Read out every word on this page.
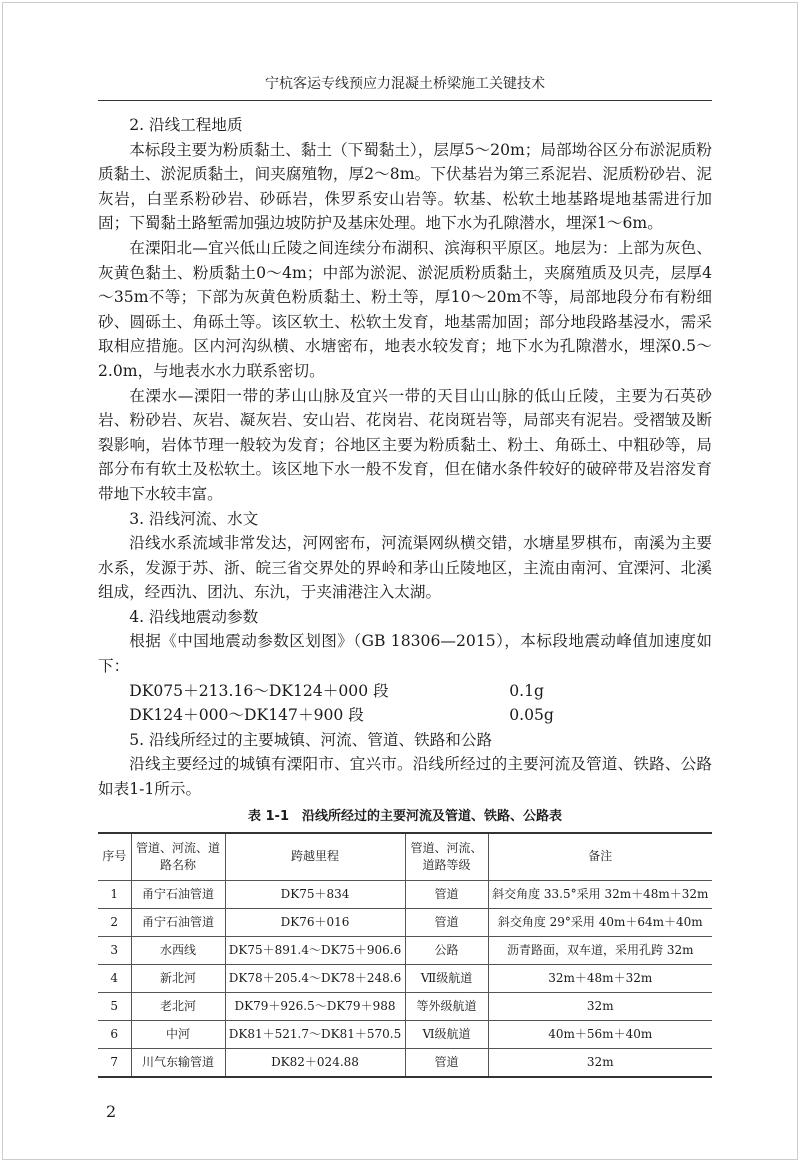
宁杭客运专线预应力混凝土桥梁施工关键技术

2. 沿线工程地质

本标段主要为粉质黏土、黏土（下蜀黏土），层厚5～20m；局部坳谷区分布淤泥质粉质黏土、淤泥质黏土，间夹腐殖物，厚2～8m。下伏基岩为第三系泥岩、泥质粉砂岩、泥灰岩，白垩系粉砂岩、砂砾岩，侏罗系安山岩等。软基、松软土地基路堤地基需进行加固；下蜀黏土路堑需加强边坡防护及基床处理。地下水为孔隙潜水，埋深1～6m。

在溧阳北—宜兴低山丘陵之间连续分布湖积、滨海积平原区。地层为：上部为灰色、灰黄色黏土、粉质黏土0～4m；中部为淤泥、淤泥质粉质黏土，夹腐殖质及贝壳，层厚4～35m不等；下部为灰黄色粉质黏土、粉土等，厚10～20m不等，局部地段分布有粉细砂、圆砾土、角砾土等。该区软土、松软土发育，地基需加固；部分地段路基浸水，需采取相应措施。区内河沟纵横、水塘密布，地表水较发育；地下水为孔隙潜水，埋深0.5～2.0m，与地表水水力联系密切。

在溧水—溧阳一带的茅山山脉及宜兴一带的天目山山脉的低山丘陵，主要为石英砂岩、粉砂岩、灰岩、凝灰岩、安山岩、花岗岩、花岗斑岩等，局部夹有泥岩。受褶皱及断裂影响，岩体节理一般较为发育；谷地区主要为粉质黏土、粉土、角砾土、中粗砂等，局部分布有软土及松软土。该区地下水一般不发育，但在储水条件较好的破碎带及岩溶发育带地下水较丰富。

3. 沿线河流、水文

沿线水系流域非常发达，河网密布，河流渠网纵横交错，水塘星罗棋布，南溪为主要水系，发源于苏、浙、皖三省交界处的界岭和茅山丘陵地区，主流由南河、宜溧河、北溪组成，经西氿、团氿、东氿，于夹浦港注入太湖。

4. 沿线地震动参数

根据《中国地震动参数区划图》（GB 18306—2015），本标段地震动峰值加速度如下：

DK075＋213.16～DK124＋000 段	0.1g

DK124＋000～DK147＋900 段	0.05g

5. 沿线所经过的主要城镇、河流、管道、铁路和公路

沿线主要经过的城镇有溧阳市、宜兴市。沿线所经过的主要河流及管道、铁路、公路如表1-1所示。

表 1-1　沿线所经过的主要河流及管道、铁路、公路表
序号	管道、河流、道路名称	跨越里程	管道、河流、道路等级	备注
1	甬宁石油管道	DK75＋834	管道	斜交角度 33.5°采用 32m＋48m＋32m
2	甬宁石油管道	DK76＋016	管道	斜交角度 29°采用 40m＋64m＋40m
3	水西线	DK75＋891.4～DK75＋906.6	公路	沥青路面，双车道，采用孔跨 32m
4	新北河	DK78＋205.4～DK78＋248.6	Ⅶ级航道	32m＋48m＋32m
5	老北河	DK79＋926.5～DK79＋988	等外级航道	32m
6	中河	DK81＋521.7～DK81＋570.5	Ⅵ级航道	40m＋56m＋40m
7	川气东输管道	DK82＋024.88	管道	32m
2
